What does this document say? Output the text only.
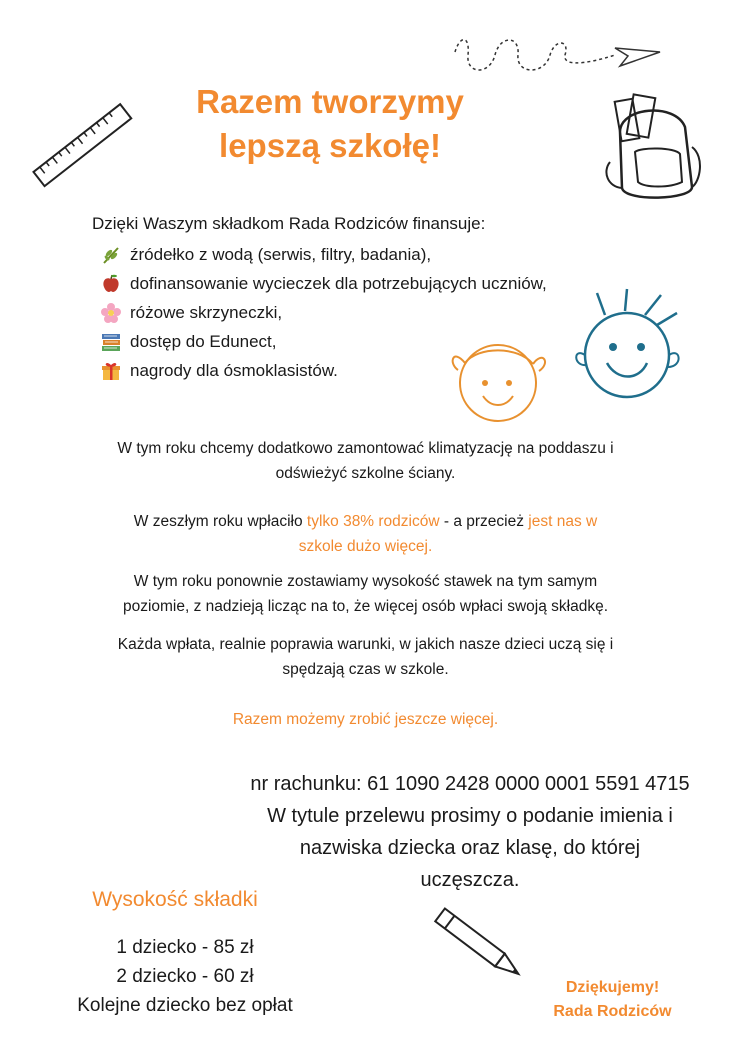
Razem tworzymy
lepszą szkołę!
Dzięki Waszym składkom Rada Rodziców finansuje:
źródełko z wodą (serwis, filtry, badania),
dofinansowanie wycieczek dla potrzebujących uczniów,
różowe skrzyneczki,
dostęp do Edunect,
nagrody dla ósmoklasistów.
W tym roku chcemy dodatkowo zamontować klimatyzację na poddaszu i
odświeżyć szkolne ściany.
W zeszłym roku wpłaciło tylko 38% rodziców - a przecież jest nas w
szkole dużo więcej.
W tym roku ponownie zostawiamy wysokość stawek na tym samym
poziomie, z nadzieją licząc na to, że więcej osób wpłaci swoją składkę.
Każda wpłata, realnie poprawia warunki, w jakich nasze dzieci uczą się i
spędzają czas w szkole.
Razem możemy zrobić jeszcze więcej.
nr rachunku: 61 1090 2428 0000 0001 5591 4715
W tytule przelewu prosimy o podanie imienia i
nazwiska dziecka oraz klasę, do której
uczęszcza.
Wysokość składki
1 dziecko - 85 zł
2 dziecko - 60 zł
Kolejne dziecko bez opłat
Dziękujemy!
Rada Rodziców
